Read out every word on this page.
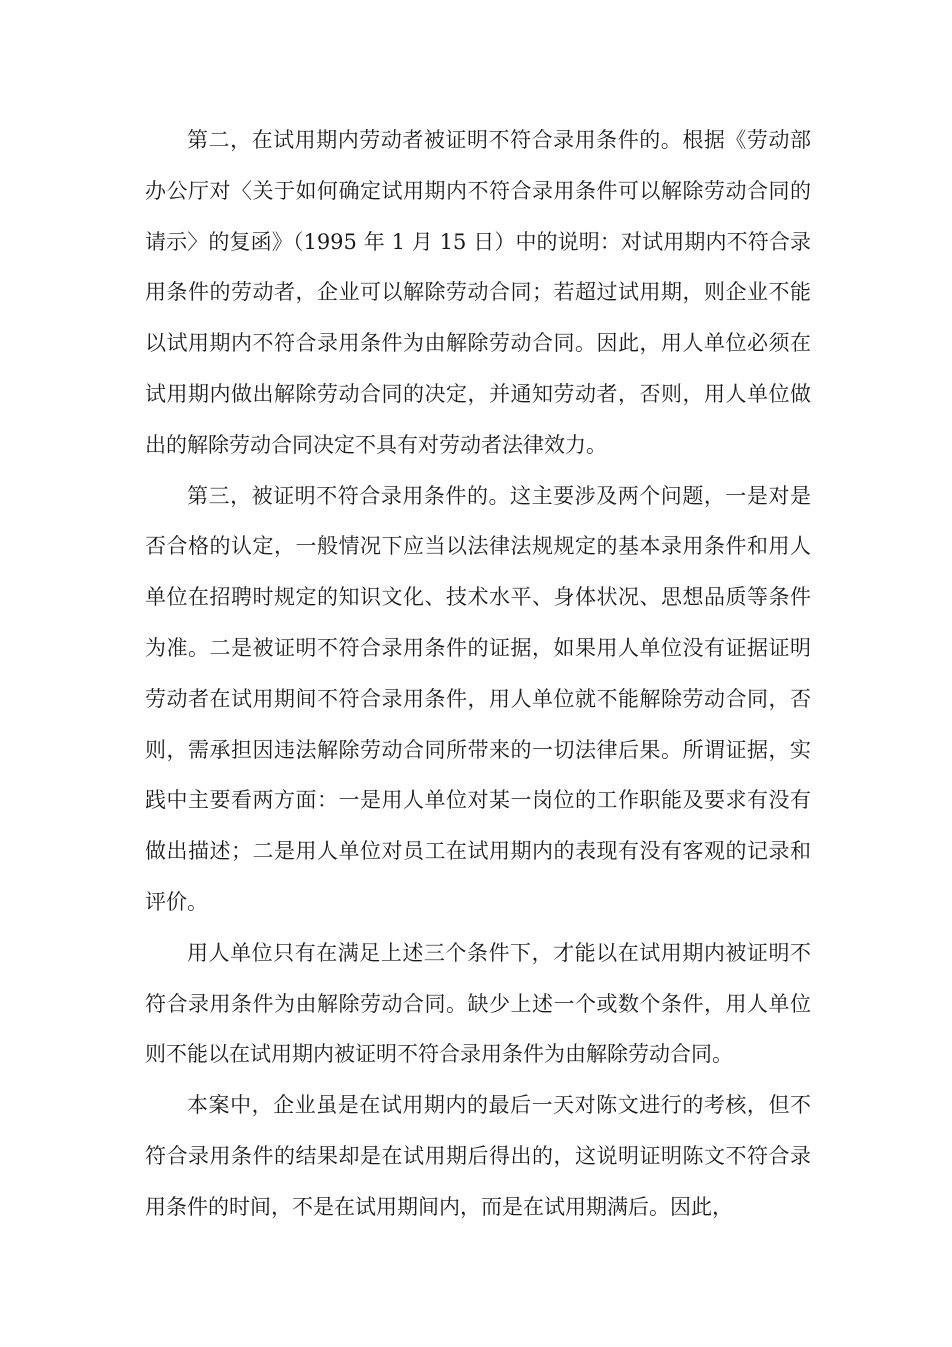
第二，在试用期内劳动者被证明不符合录用条件的。根据《劳动部办公厅对〈关于如何确定试用期内不符合录用条件可以解除劳动合同的请示〉的复函》（1995 年 1 月 15 日）中的说明：对试用期内不符合录用条件的劳动者，企业可以解除劳动合同；若超过试用期，则企业不能以试用期内不符合录用条件为由解除劳动合同。因此，用人单位必须在试用期内做出解除劳动合同的决定，并通知劳动者，否则，用人单位做出的解除劳动合同决定不具有对劳动者法律效力。

第三，被证明不符合录用条件的。这主要涉及两个问题，一是对是否合格的认定，一般情况下应当以法律法规规定的基本录用条件和用人单位在招聘时规定的知识文化、技术水平、身体状况、思想品质等条件为准。二是被证明不符合录用条件的证据，如果用人单位没有证据证明劳动者在试用期间不符合录用条件，用人单位就不能解除劳动合同，否则，需承担因违法解除劳动合同所带来的一切法律后果。所谓证据，实践中主要看两方面：一是用人单位对某一岗位的工作职能及要求有没有做出描述；二是用人单位对员工在试用期内的表现有没有客观的记录和评价。

用人单位只有在满足上述三个条件下，才能以在试用期内被证明不符合录用条件为由解除劳动合同。缺少上述一个或数个条件，用人单位则不能以在试用期内被证明不符合录用条件为由解除劳动合同。

本案中，企业虽是在试用期内的最后一天对陈文进行的考核，但不符合录用条件的结果却是在试用期后得出的，这说明证明陈文不符合录用条件的时间，不是在试用期间内，而是在试用期满后。因此，
